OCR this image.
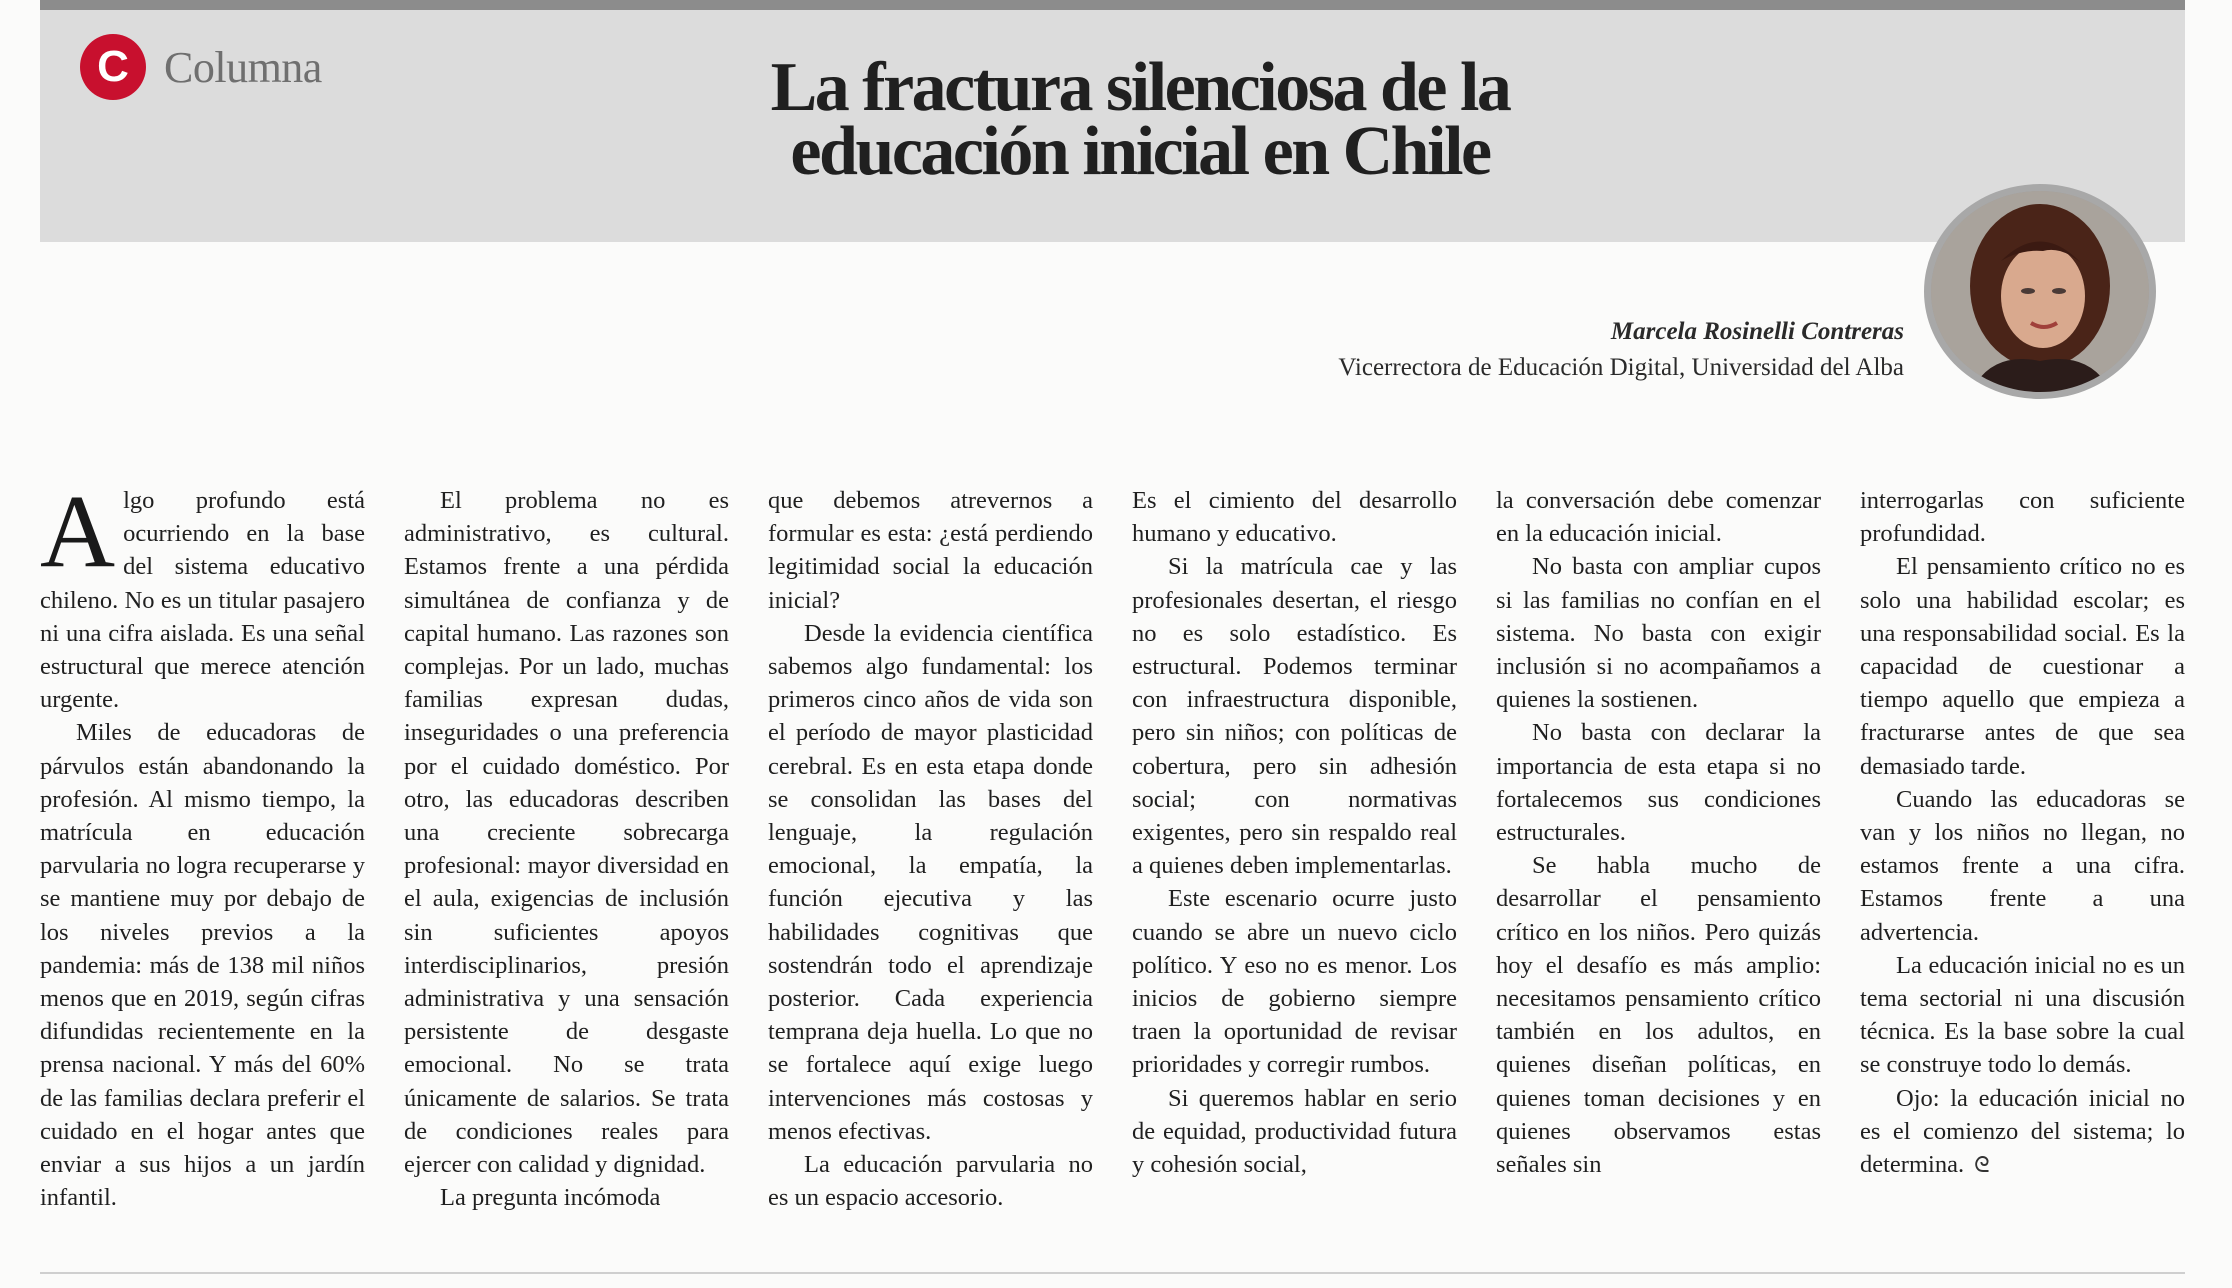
C Columna	La fractura silenciosa de la
educación inicial en Chile
Marcela Rosinelli Contreras
Vicerrectora de Educación Digital, Universidad del Alba

Algo profundo está ocurriendo en la base del sistema educativo chileno. No es un titular pasajero ni una cifra aislada. Es una señal estructural que merece atención urgente.

Miles de educadoras de párvulos están abandonando la profesión. Al mismo tiempo, la matrícula en educación parvularia no logra recuperarse y se mantiene muy por debajo de los niveles previos a la pandemia: más de 138 mil niños menos que en 2019, según cifras difundidas recientemente en la prensa nacional. Y más del 60% de las familias declara preferir el cuidado en el hogar antes que enviar a sus hijos a un jardín infantil.

El problema no es administrativo, es cultural. Estamos frente a una pérdida simultánea de confianza y de capital humano. Las razones son complejas. Por un lado, muchas familias expresan dudas, inseguridades o una preferencia por el cuidado doméstico. Por otro, las educadoras describen una creciente sobrecarga profesional: mayor diversidad en el aula, exigencias de inclusión sin suficientes apoyos interdisciplinarios, presión administrativa y una sensación persistente de desgaste emocional. No se trata únicamente de salarios. Se trata de condiciones reales para ejercer con calidad y dignidad.

La pregunta incómoda

que debemos atrevernos a formular es esta: ¿está perdiendo legitimidad social la educación inicial?

Desde la evidencia científica sabemos algo fundamental: los primeros cinco años de vida son el período de mayor plasticidad cerebral. Es en esta etapa donde se consolidan las bases del lenguaje, la regulación emocional, la empatía, la función ejecutiva y las habilidades cognitivas que sostendrán todo el aprendizaje posterior. Cada experiencia temprana deja huella. Lo que no se fortalece aquí exige luego intervenciones más costosas y menos efectivas.

La educación parvularia no es un espacio accesorio.

Es el cimiento del desarrollo humano y educativo.

Si la matrícula cae y las profesionales desertan, el riesgo no es solo estadístico. Es estructural. Podemos terminar con infraestructura disponible, pero sin niños; con políticas de cobertura, pero sin adhesión social; con normativas exigentes, pero sin respaldo real a quienes deben implementarlas.

Este escenario ocurre justo cuando se abre un nuevo ciclo político. Y eso no es menor. Los inicios de gobierno siempre traen la oportunidad de revisar prioridades y corregir rumbos.

Si queremos hablar en serio de equidad, productividad futura y cohesión social,

la conversación debe comenzar en la educación inicial.

No basta con ampliar cupos si las familias no confían en el sistema. No basta con exigir inclusión si no acompañamos a quienes la sostienen.

No basta con declarar la importancia de esta etapa si no fortalecemos sus condiciones estructurales.

Se habla mucho de desarrollar el pensamiento crítico en los niños. Pero quizás hoy el desafío es más amplio: necesitamos pensamiento crítico también en los adultos, en quienes diseñan políticas, en quienes toman decisiones y en quienes observamos estas señales sin

interrogarlas con suficiente profundidad.

El pensamiento crítico no es solo una habilidad escolar; es una responsabilidad social. Es la capacidad de cuestionar a tiempo aquello que empieza a fracturarse antes de que sea demasiado tarde.

Cuando las educadoras se van y los niños no llegan, no estamos frente a una cifra. Estamos frente a una advertencia.

La educación inicial no es un tema sectorial ni una discusión técnica. Es la base sobre la cual se construye todo lo demás.

Ojo: la educación inicial no es el comienzo del sistema; lo determina. ᘓ
